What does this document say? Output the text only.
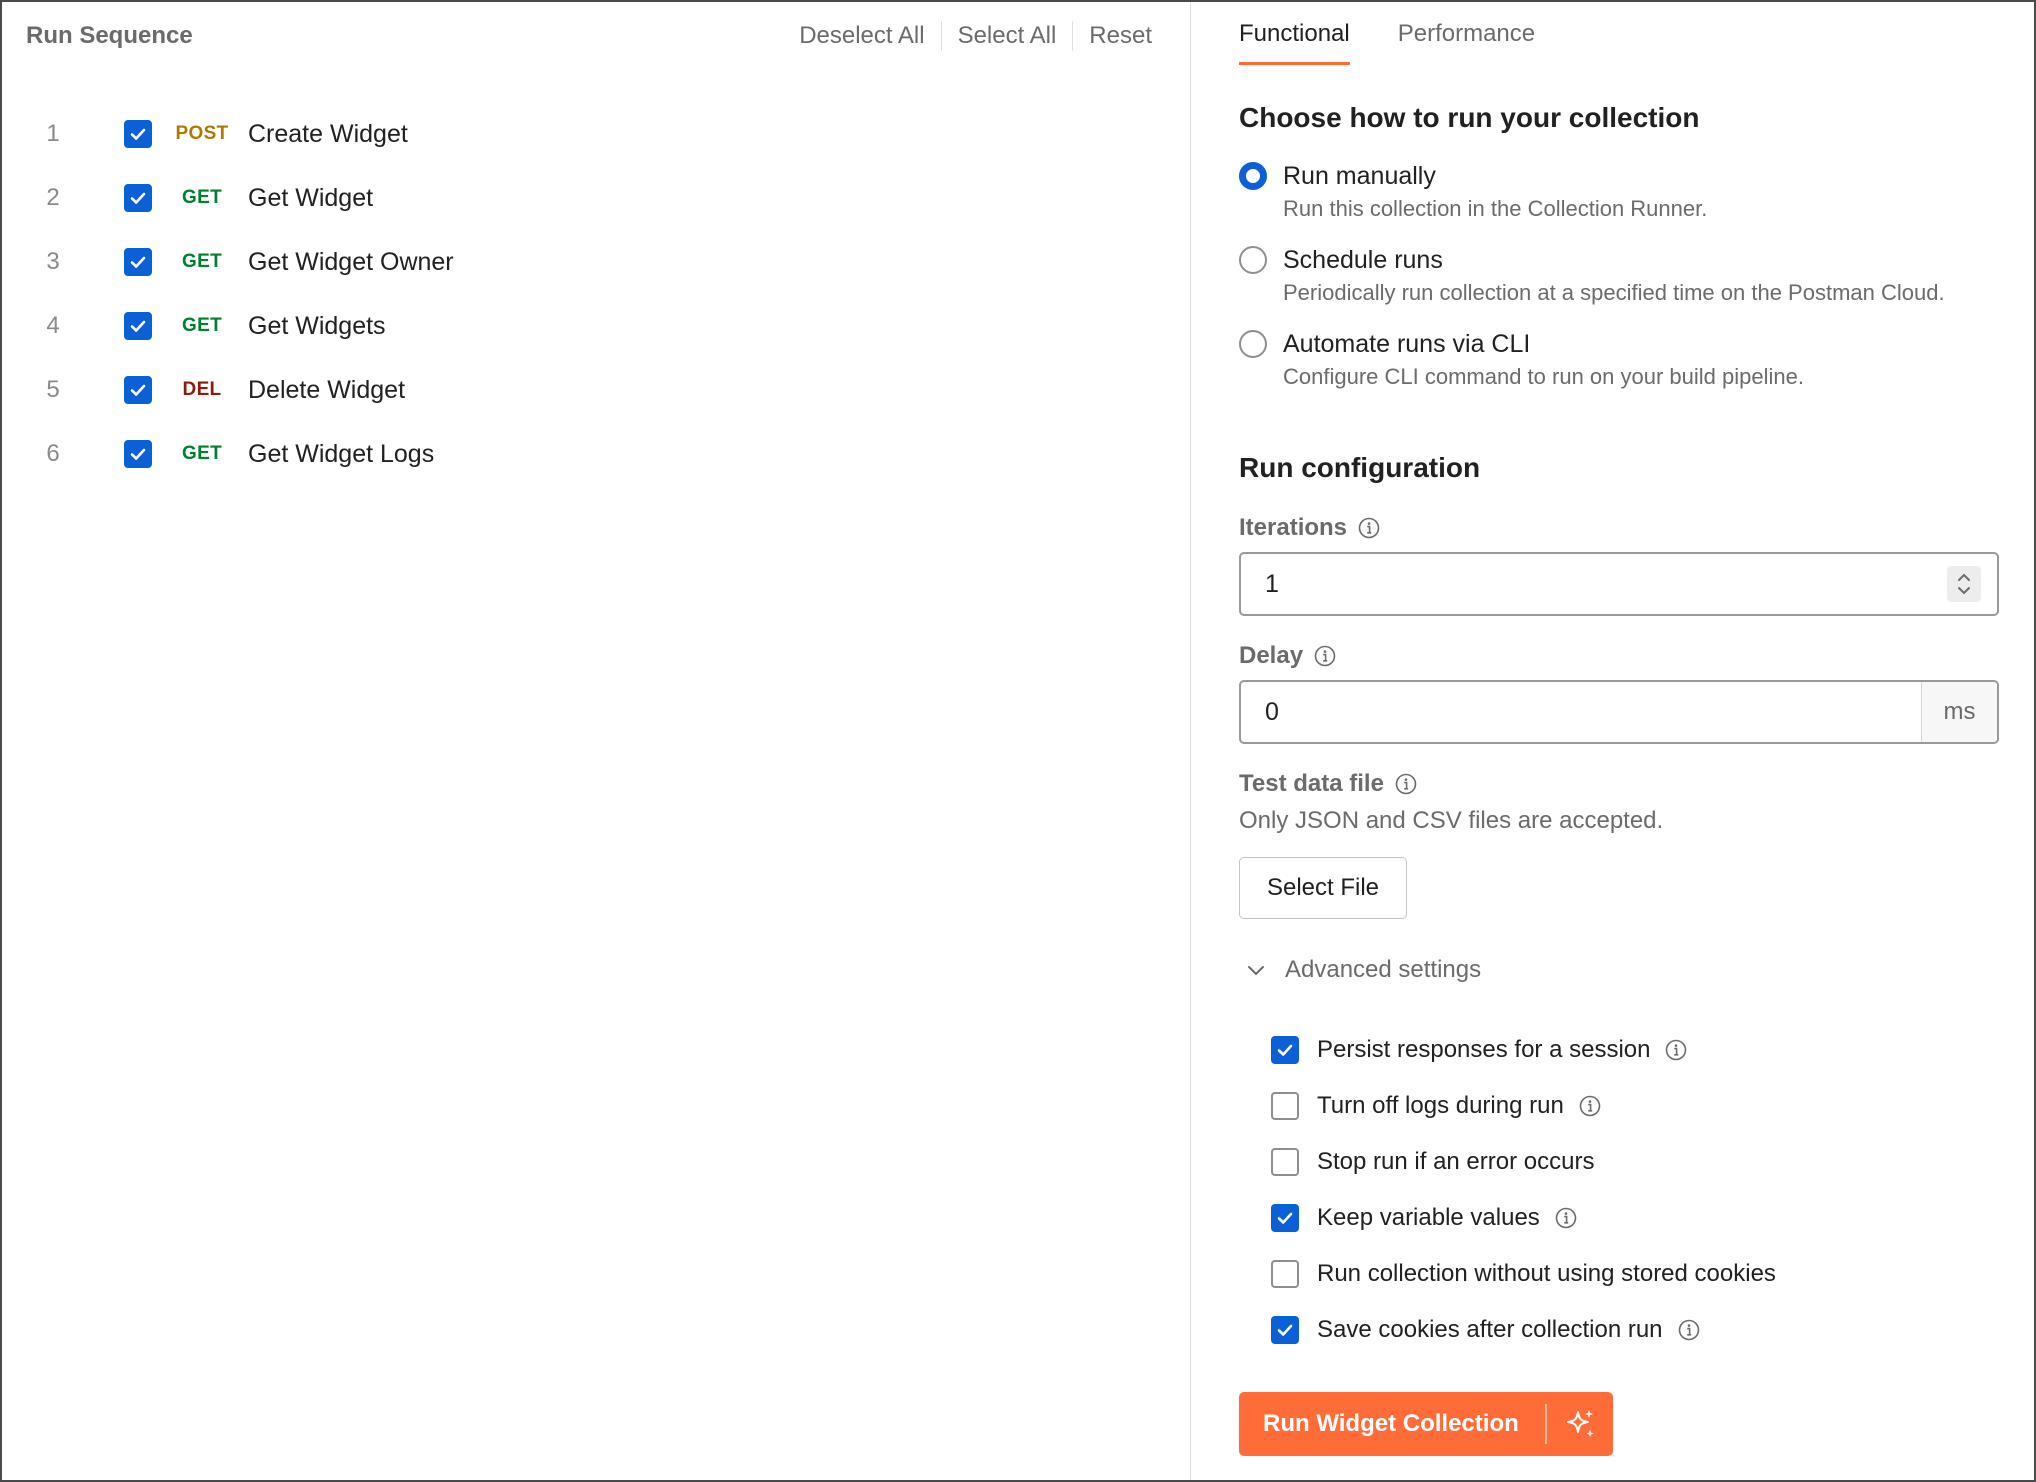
Run Sequence	Deselect All	Select All	Reset
1	POST Create Widget
2	GET	Get Widget
3	GET	Get Widget Owner
4	GET	Get Widgets
5	DEL	Delete Widget
6	GET	Get Widget Logs
Functional Performance
Choose how to run your collection
Run manually
Run this collection in the Collection Runner.
Schedule runs
Periodically run collection at a specified time on the Postman Cloud.
Automate runs via CLI
Configure CLI command to run on your build pipeline.
Run configuration
Iterations
1
Delay
0	ms
Test data file
Only JSON and CSV files are accepted.
Select File
Advanced settings
Persist responses for a session
Turn off logs during run
Stop run if an error occurs
Keep variable values
Run collection without using stored cookies
Save cookies after collection run
Run Widget Collection
